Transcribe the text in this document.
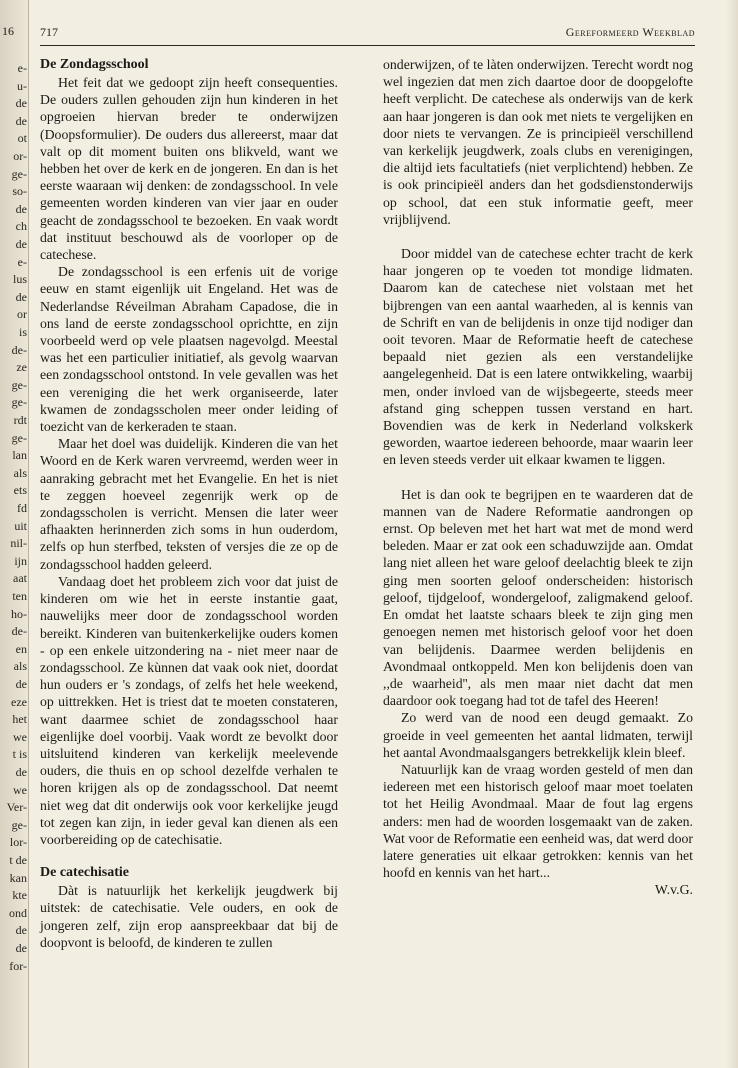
16
e-
u-
de
de
ot
or-
ge-
so-
de
ch
de
e-
lus
de
or
is
de-
ze
ge-
ge-
rdt
ge-
lan
als
ets
fd
uit
nil-
ijn
aat
ten
ho-
de-
en
als
de
eze
het
we
t is
de
we
Ver-
ge-
lor-
t de
kan
kte
ond
de
de
for-
717	Gereformeerd Weekblad
De Zondagsschool

Het feit dat we gedoopt zijn heeft consequenties. De ouders zullen gehouden zijn hun kinderen in het opgroeien hiervan breder te onderwijzen (Doopsformulier). De ouders dus allereerst, maar dat valt op dit moment buiten ons blikveld, want we hebben het over de kerk en de jongeren. En dan is het eerste waaraan wij denken: de zondagsschool. In vele gemeenten worden kinderen van vier jaar en ouder geacht de zondagsschool te bezoeken. En vaak wordt dat instituut beschouwd als de voorloper op de catechese.

De zondagsschool is een erfenis uit de vorige eeuw en stamt eigenlijk uit Engeland. Het was de Nederlandse Réveilman Abraham Capadose, die in ons land de eerste zondagsschool oprichtte, en zijn voorbeeld werd op vele plaatsen nagevolgd. Meestal was het een particulier initiatief, als gevolg waarvan een zondagsschool ontstond. In vele gevallen was het een vereniging die het werk organiseerde, later kwamen de zondagsscholen meer onder leiding of toezicht van de kerkeraden te staan.

Maar het doel was duidelijk. Kinderen die van het Woord en de Kerk waren vervreemd, werden weer in aanraking gebracht met het Evangelie. En het is niet te zeggen hoeveel zegenrijk werk op de zondagsscholen is verricht. Mensen die later weer afhaakten herinnerden zich soms in hun ouderdom, zelfs op hun sterfbed, teksten of versjes die ze op de zondagsschool hadden geleerd.

Vandaag doet het probleem zich voor dat juist de kinderen om wie het in eerste instantie gaat, nauwelijks meer door de zondagsschool worden bereikt. Kinderen van buitenkerkelijke ouders komen - op een enkele uitzondering na - niet meer naar de zondagsschool. Ze kùnnen dat vaak ook niet, doordat hun ouders er 's zondags, of zelfs het hele weekend, op uittrekken. Het is triest dat te moeten constateren, want daarmee schiet de zondagsschool haar eigenlijke doel voorbij. Vaak wordt ze bevolkt door uitsluitend kinderen van kerkelijk meelevende ouders, die thuis en op school dezelfde verhalen te horen krijgen als op de zondagsschool. Dat neemt niet weg dat dit onderwijs ook voor kerkelijke jeugd tot zegen kan zijn, in ieder geval kan dienen als een voorbereiding op de catechisatie.

De catechisatie

Dàt is natuurlijk het kerkelijk jeugdwerk bij uitstek: de catechisatie. Vele ouders, en ook de jongeren zelf, zijn erop aanspreekbaar dat bij de doopvont is beloofd, de kinderen te zullen

onderwijzen, of te làten onderwijzen. Terecht wordt nog wel ingezien dat men zich daartoe door de doopgelofte heeft verplicht. De catechese als onderwijs van de kerk aan haar jongeren is dan ook met niets te vergelijken en door niets te vervangen. Ze is principieël verschillend van kerkelijk jeugdwerk, zoals clubs en verenigingen, die altijd iets facultatiefs (niet verplichtend) hebben. Ze is ook principieël anders dan het godsdienstonderwijs op school, dat een stuk informatie geeft, meer vrijblijvend.

Door middel van de catechese echter tracht de kerk haar jongeren op te voeden tot mondige lidmaten. Daarom kan de catechese niet volstaan met het bijbrengen van een aantal waarheden, al is kennis van de Schrift en van de belijdenis in onze tijd nodiger dan ooit tevoren. Maar de Reformatie heeft de catechese bepaald niet gezien als een verstandelijke aangelegenheid. Dat is een latere ontwikkeling, waarbij men, onder invloed van de wijsbegeerte, steeds meer afstand ging scheppen tussen verstand en hart. Bovendien was de kerk in Nederland volkskerk geworden, waartoe iedereen behoorde, maar waarin leer en leven steeds verder uit elkaar kwamen te liggen.

Het is dan ook te begrijpen en te waarderen dat de mannen van de Nadere Reformatie aandrongen op ernst. Op beleven met het hart wat met de mond werd beleden. Maar er zat ook een schaduwzijde aan. Omdat lang niet alleen het ware geloof deelachtig bleek te zijn ging men soorten geloof onderscheiden: historisch geloof, tijdgeloof, wondergeloof, zaligmakend geloof. En omdat het laatste schaars bleek te zijn ging men genoegen nemen met historisch geloof voor het doen van belijdenis. Daarmee werden belijdenis en Avondmaal ontkoppeld. Men kon belijdenis doen van ,,de waarheid'', als men maar niet dacht dat men daardoor ook toegang had tot de tafel des Heeren!

Zo werd van de nood een deugd gemaakt. Zo groeide in veel gemeenten het aantal lidmaten, terwijl het aantal Avondmaalsgangers betrekkelijk klein bleef.

Natuurlijk kan de vraag worden gesteld of men dan iedereen met een historisch geloof maar moet toelaten tot het Heilig Avondmaal. Maar de fout lag ergens anders: men had de woorden losgemaakt van de zaken. Wat voor de Reformatie een eenheid was, dat werd door latere generaties uit elkaar getrokken: kennis van het hoofd en kennis van het hart...

W.v.G.
